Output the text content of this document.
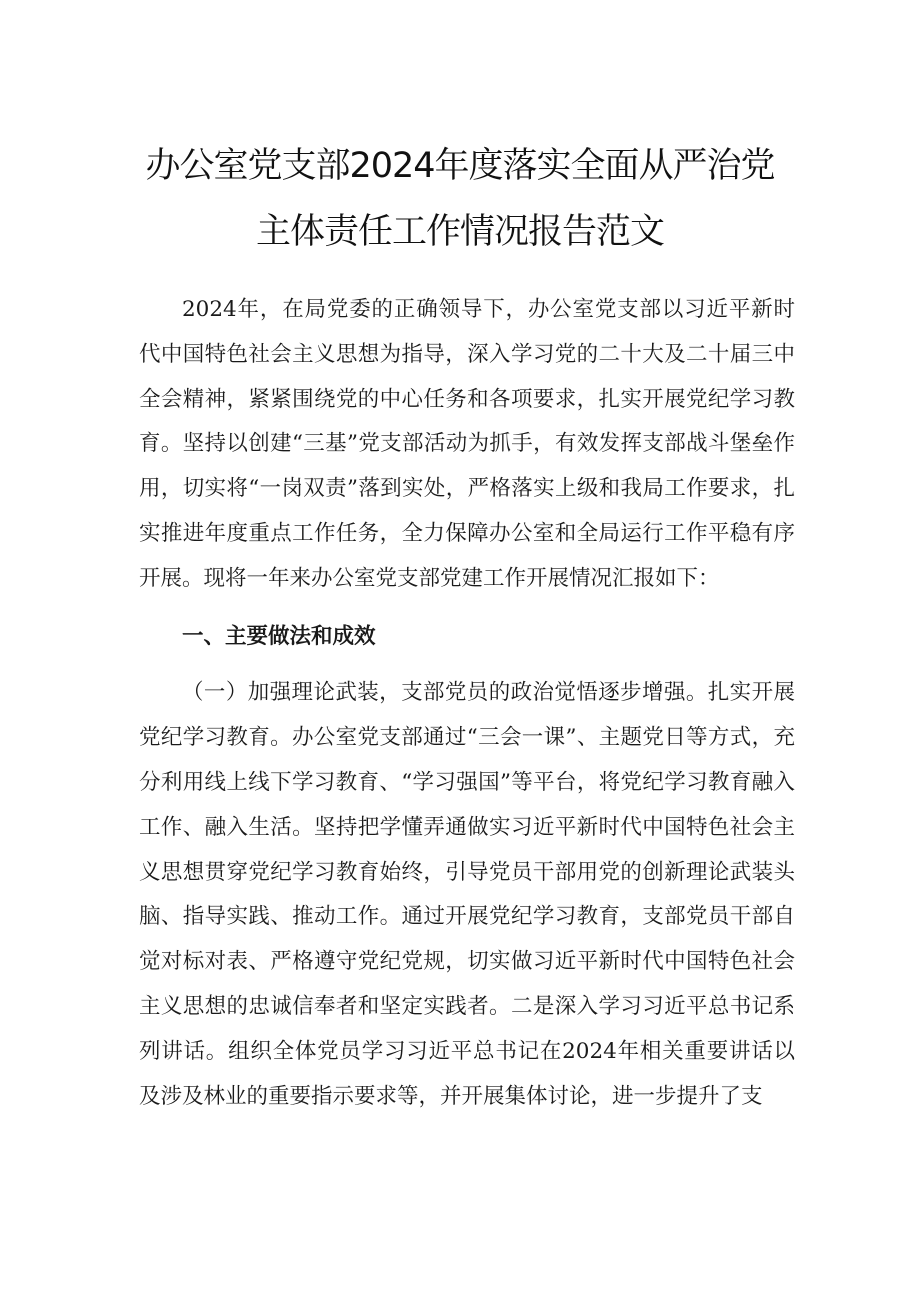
办公室党支部2024年度落实全面从严治党
主体责任工作情况报告范文

2024年，在局党委的正确领导下，办公室党支部以习近平新时代中国特色社会主义思想为指导，深入学习党的二十大及二十届三中全会精神，紧紧围绕党的中心任务和各项要求，扎实开展党纪学习教育。坚持以创建“三基”党支部活动为抓手，有效发挥支部战斗堡垒作用，切实将“一岗双责”落到实处，严格落实上级和我局工作要求，扎实推进年度重点工作任务，全力保障办公室和全局运行工作平稳有序开展。现将一年来办公室党支部党建工作开展情况汇报如下：

一、主要做法和成效

（一）加强理论武装，支部党员的政治觉悟逐步增强。扎实开展党纪学习教育。办公室党支部通过“三会一课”、主题党日等方式，充分利用线上线下学习教育、“学习强国”等平台，将党纪学习教育融入工作、融入生活。坚持把学懂弄通做实习近平新时代中国特色社会主义思想贯穿党纪学习教育始终，引导党员干部用党的创新理论武装头脑、指导实践、推动工作。通过开展党纪学习教育，支部党员干部自觉对标对表、严格遵守党纪党规，切实做习近平新时代中国特色社会主义思想的忠诚信奉者和坚定实践者。二是深入学习习近平总书记系列讲话。组织全体党员学习习近平总书记在2024年相关重要讲话以及涉及林业的重要指示要求等，并开展集体讨论，进一步提升了支
